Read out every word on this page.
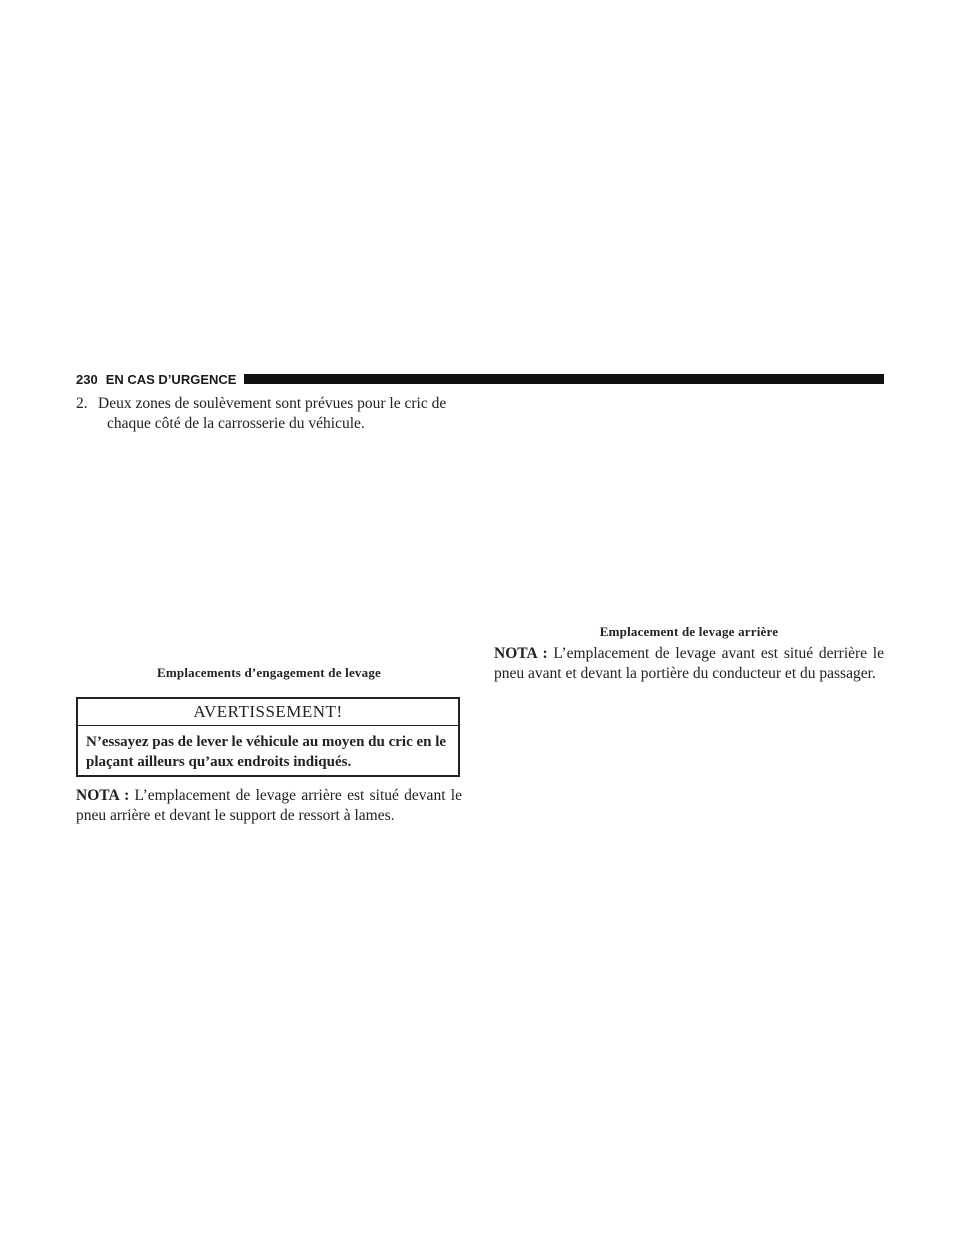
230 EN CAS D’URGENCE
2. Deux zones de soulèvement sont prévues pour le cric de
chaque côté de la carrosserie du véhicule.
Emplacement de levage arrière
NOTA : L’emplacement de levage avant est situé derrière le pneu avant et devant la portière du conducteur et du passager.
Emplacements d’engagement de levage
AVERTISSEMENT!
N’essayez pas de lever le véhicule au moyen du cric en le plaçant ailleurs qu’aux endroits indiqués.
NOTA : L’emplacement de levage arrière est situé devant le pneu arrière et devant le support de ressort à lames.
